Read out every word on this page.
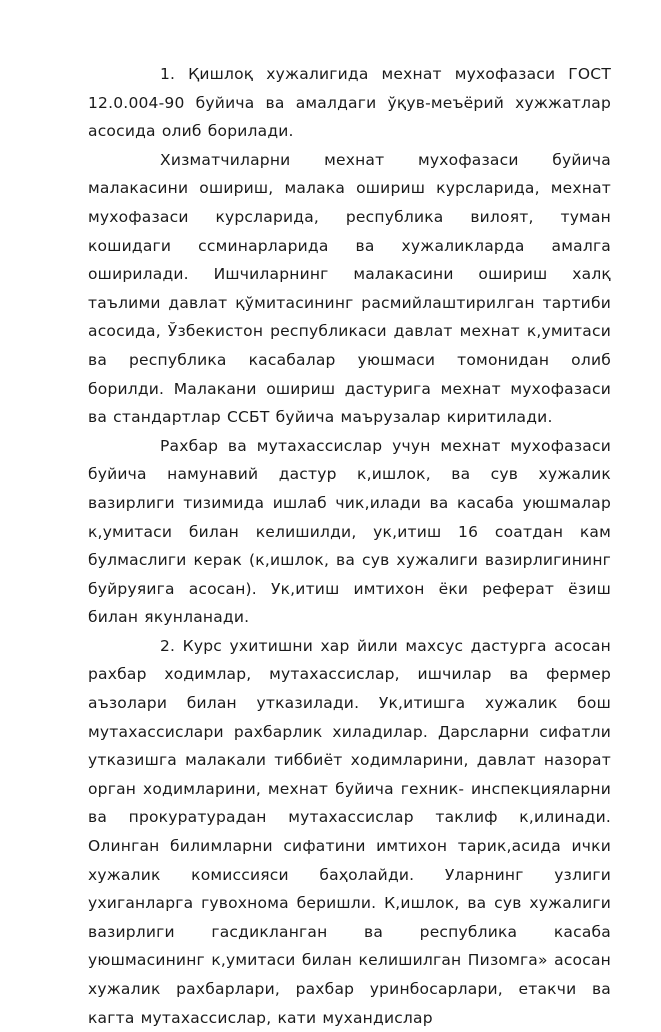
1. Қишлоқ хужалигида мехнат мухофазаси ГОСТ 12.0.004-90 буйича ва амалдаги ўқув-меъёрий хужжатлар асосида олиб борилади.

Хизматчиларни мехнат мухофазаси буйича малакасини ошириш, малака ошириш курсларида, мехнат мухофазаси курсларида, республика вилоят, туман кошидаги ссминарларида ва хужаликларда амалга оширилади. Ишчиларнинг малакасини ошириш халқ таълими давлат қўмитасининг расмийлаштирилган тартиби асосида, Ўзбекистон республикаси давлат мехнат к,умитаси ва республика касабалар уюшмаси томонидан олиб борилди. Малакани ошириш дастурига мехнат мухофазаси ва стандартлар ССБТ буйича маърузалар киритилади.

Рахбар ва мутахассислар учун мехнат мухофазаси буйича намунавий дастур к,ишлок, ва сув хужалик вазирлиги тизимида ишлаб чик,илади ва касаба уюшмалар к,умитаси билан келишилди, ук,итиш 16 соатдан кам булмаслиги керак (к,ишлок, ва сув хужалиги вазирлигининг буйруяига асосан). Ук,итиш имтихон ёки реферат ёзиш билан якунланади.

2. Курс ухитишни хар йили махсус дастурга асосан рахбар ходимлар, мутахассислар, ишчилар ва фермер аъзолари билан утказилади. Ук,итишга хужалик бош мутахассислари рахбарлик хиладилар. Дарсларни сифатли утказишга малакали тиббиёт ходимларини, давлат назорат орган ходимларини, мехнат буйича гехник- инспекцияларни ва прокуратурадан мутахассислар таклиф к,илинади. Олинган билимларни сифатини имтихон тарик,асида ички хужалик комиссияси баҳолайди. Уларнинг узлиги ухиганларга гувохнома беришли. К,ишлок, ва сув хужалиги вазирлиги гасдикланган ва республика касаба уюшмасининг к,умитаси билан келишилган Пизомга» асосан хужалик рахбарлари, рахбар уринбосарлари, етакчи ва кагта мутахассислар, кати мухандислар
